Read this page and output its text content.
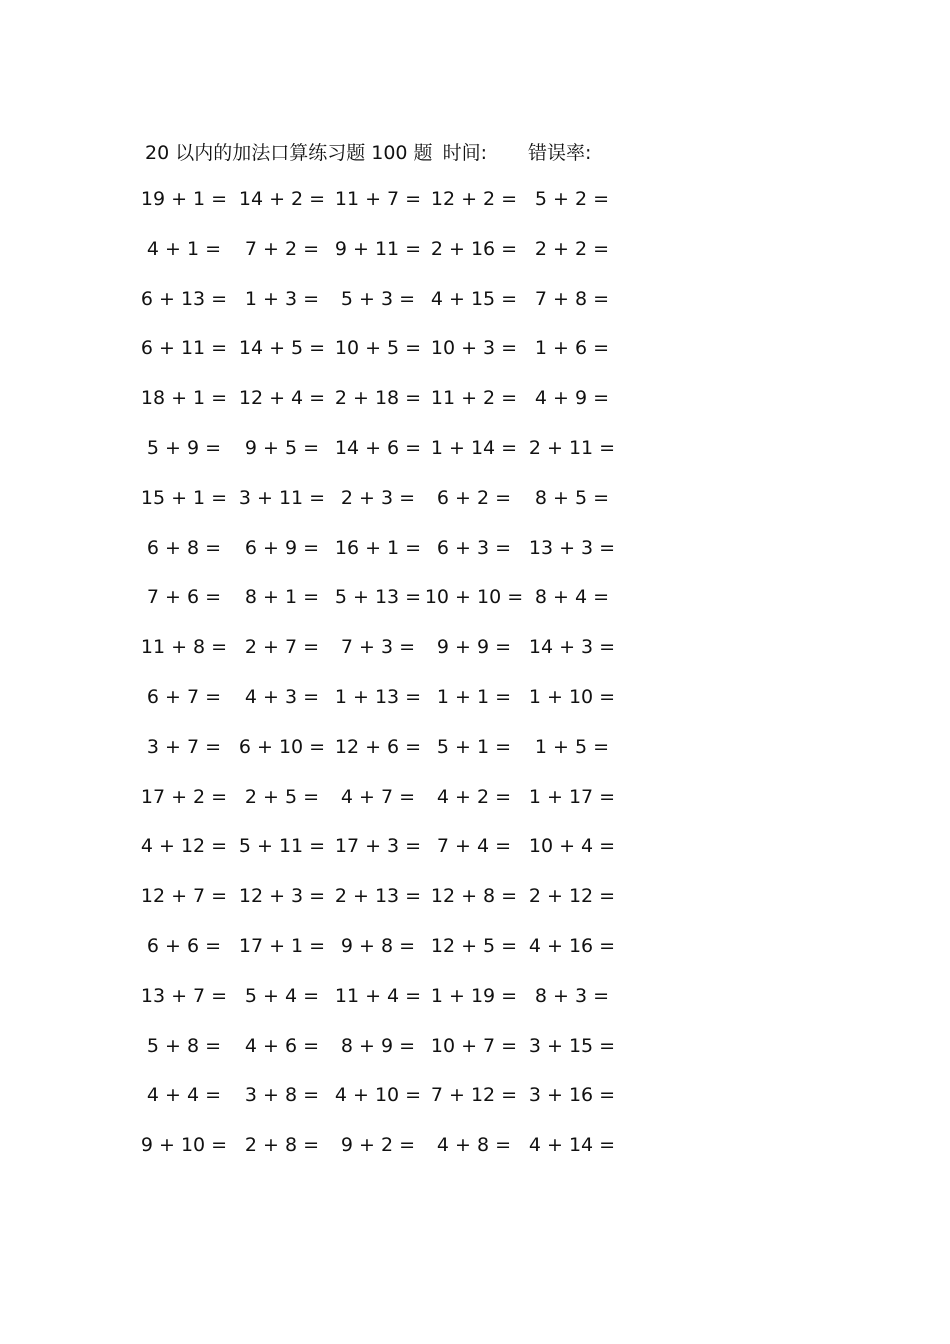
20 以内的加法口算练习题 100 题 时间: 错误率:
19 + 1 = 14 + 2 = 11 + 7 = 12 + 2 = 5 + 2 =
4 + 1 = 7 + 2 = 9 + 11 = 2 + 16 = 2 + 2 =
6 + 13 = 1 + 3 = 5 + 3 = 4 + 15 = 7 + 8 =
6 + 11 = 14 + 5 = 10 + 5 = 10 + 3 = 1 + 6 =
18 + 1 = 12 + 4 = 2 + 18 = 11 + 2 = 4 + 9 =
5 + 9 = 9 + 5 = 14 + 6 = 1 + 14 = 2 + 11 =
15 + 1 = 3 + 11 = 2 + 3 = 6 + 2 = 8 + 5 =
6 + 8 = 6 + 9 = 16 + 1 = 6 + 3 = 13 + 3 =
7 + 6 = 8 + 1 = 5 + 13 = 10 + 10 = 8 + 4 =
11 + 8 = 2 + 7 = 7 + 3 = 9 + 9 = 14 + 3 =
6 + 7 = 4 + 3 = 1 + 13 = 1 + 1 = 1 + 10 =
3 + 7 = 6 + 10 = 12 + 6 = 5 + 1 = 1 + 5 =
17 + 2 = 2 + 5 = 4 + 7 = 4 + 2 = 1 + 17 =
4 + 12 = 5 + 11 = 17 + 3 = 7 + 4 = 10 + 4 =
12 + 7 = 12 + 3 = 2 + 13 = 12 + 8 = 2 + 12 =
6 + 6 = 17 + 1 = 9 + 8 = 12 + 5 = 4 + 16 =
13 + 7 = 5 + 4 = 11 + 4 = 1 + 19 = 8 + 3 =
5 + 8 = 4 + 6 = 8 + 9 = 10 + 7 = 3 + 15 =
4 + 4 = 3 + 8 = 4 + 10 = 7 + 12 = 3 + 16 =
9 + 10 = 2 + 8 = 9 + 2 = 4 + 8 = 4 + 14 =
